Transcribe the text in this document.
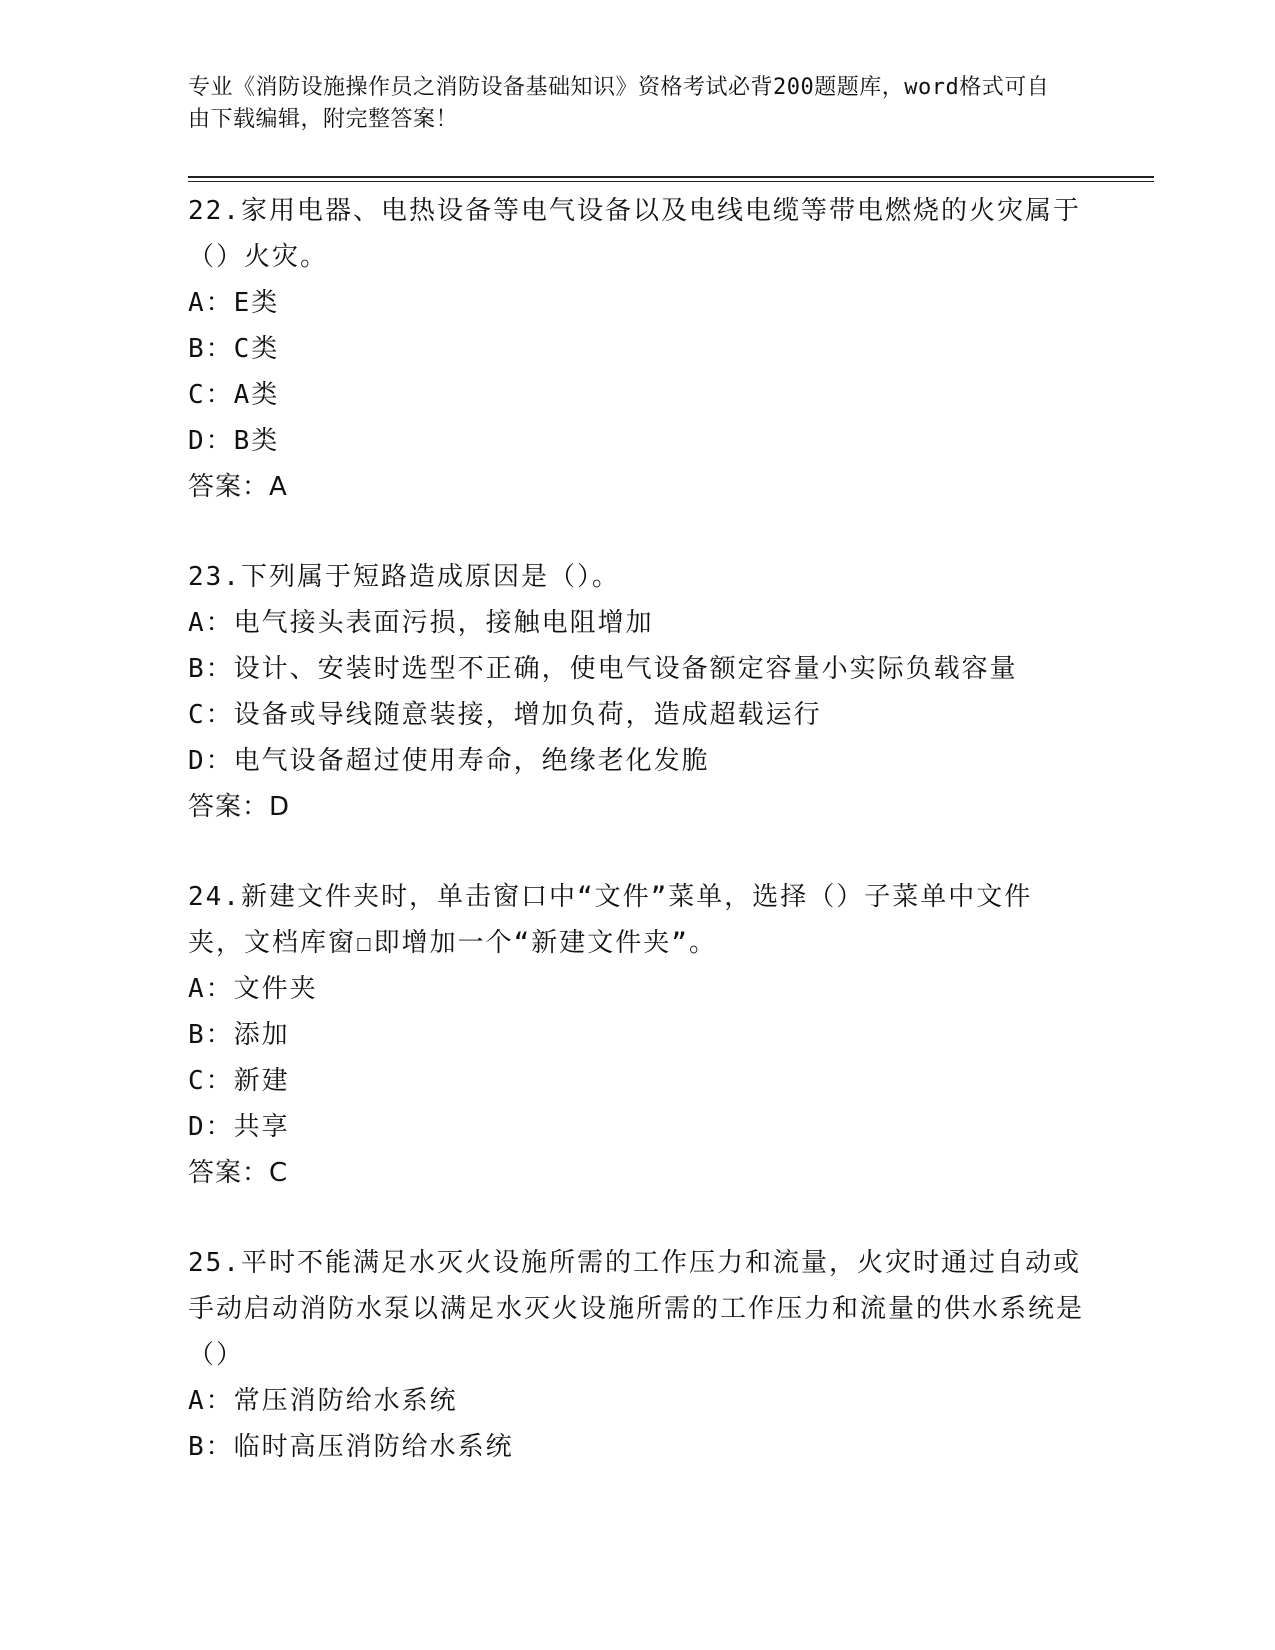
专业《消防设施操作员之消防设备基础知识》资格考试必背200题题库，word格式可自由下载编辑，附完整答案！
22.家用电器、电热设备等电气设备以及电线电缆等带电燃烧的火灾属于（）火灾。
A：E类
B：C类
C：A类
D：B类
答案：A
23.下列属于短路造成原因是（）。
A：电气接头表面污损，接触电阻增加
B：设计、安装时选型不正确，使电气设备额定容量小实际负载容量
C：设备或导线随意装接，增加负荷，造成超载运行
D：电气设备超过使用寿命，绝缘老化发脆
答案：D
24.新建文件夹时，单击窗口中“文件”菜单，选择（）子菜单中文件夹，文档库窗☐即增加一个“新建文件夹”。
A：文件夹
B：添加
C：新建
D：共享
答案：C
25.平时不能满足水灭火设施所需的工作压力和流量，火灾时通过自动或手动启动消防水泵以满足水灭火设施所需的工作压力和流量的供水系统是（）
A：常压消防给水系统
B：临时高压消防给水系统
